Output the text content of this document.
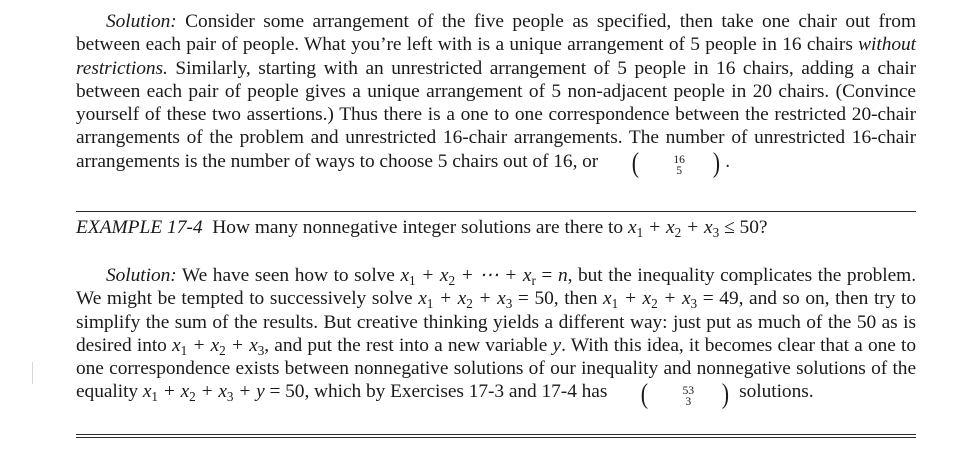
Solution: Consider some arrangement of the five people as specified, then take one chair out from between each pair of people. What you’re left with is a unique arrangement of 5 people in 16 chairs without restrictions. Similarly, starting with an unrestricted arrangement of 5 people in 16 chairs, adding a chair between each pair of people gives a unique arrangement of 5 non-adjacent people in 20 chairs. (Convince yourself of these two assertions.) Thus there is a one to one correspondence between the restricted 20-chair arrangements of the problem and unrestricted 16-chair arrangements. The number of unrestricted 16-chair arrangements is the number of ways to choose 5 chairs out of 16, or	(	16
5	) .

EXAMPLE 17-4 How many nonnegative integer solutions are there to $x_1 + x_2 + x_3 \le 50$?

Solution: We have seen how to solve $x_1 + x_2$ + ⋯ + $x_r = n$, but the inequality complicates the problem. We might be tempted to successively solve $x_1 + x_2 + x_3 = 50$, then $x_1 + x_2 + x_3 = 49$, and so on, then try to simplify the sum of the results. But creative thinking yields a different way: just put as much of the 50 as is desired into $x_1 + x_2 + x_3$, and put the rest into a new variable y. With this idea, it becomes clear that a one to one correspondence exists between nonnegative solutions of our inequality and nonnegative solutions of the equality $x_1 + x_2 + x_3 + y = 50$, which by Exercises 17-3 and 17-4 has	(	53
3	) solutions.
